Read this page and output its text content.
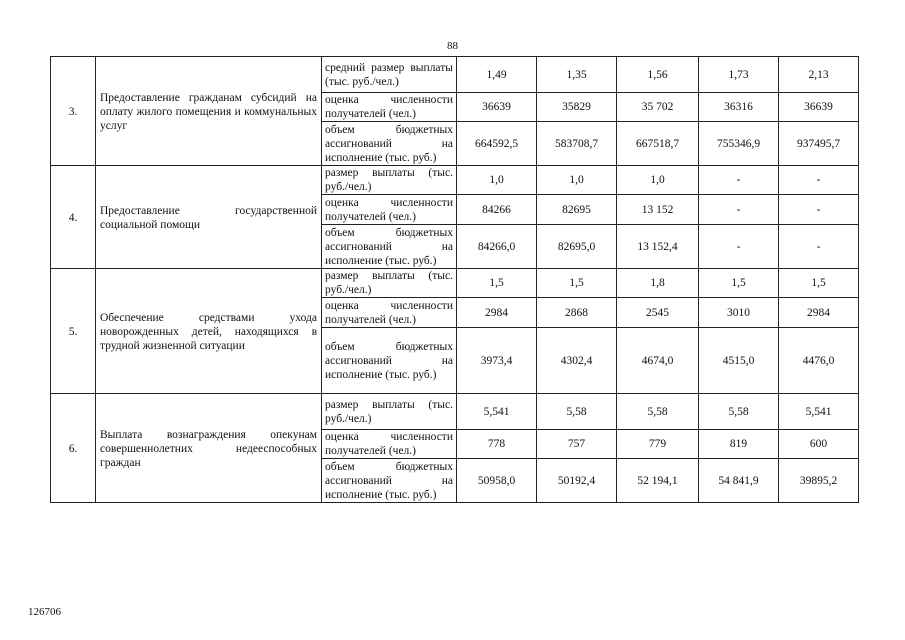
88
3.	Предоставление гражданам субсидий на оплату жилого помещения и коммунальных услуг	средний размер выплаты (тыс. руб./чел.)	1,49	1,35	1,56	1,73	2,13

		оценка численности получателей (чел.)	36639	35829	35 702	36316	36639

		объем бюджетных ассигнований на исполнение (тыс. руб.)	664592,5	583708,7	667518,7	755346,9	937495,7
4.	Предоставление государственной социальной помощи	размер выплаты (тыс. руб./чел.)	1,0	1,0	1,0	-	-

		оценка численности получателей (чел.)	84266	82695	13 152	-	-

		объем бюджетных ассигнований на исполнение (тыс. руб.)	84266,0	82695,0	13 152,4	-	-
5.	Обеспечение средствами ухода новорожденных детей, находящихся в трудной жизненной ситуации	размер выплаты (тыс. руб./чел.)	1,5	1,5	1,8	1,5	1,5

		оценка численности получателей (чел.)	2984	2868	2545	3010	2984

		объем бюджетных ассигнований на исполнение (тыс. руб.)	3973,4	4302,4	4674,0	4515,0	4476,0
6.	Выплата вознаграждения опекунам совершеннолетних недееспособных граждан	размер выплаты (тыс. руб./чел.)	5,541	5,58	5,58	5,58	5,541

		оценка численности получателей (чел.)	778	757	779	819	600

		объем бюджетных ассигнований на исполнение (тыс. руб.)	50958,0	50192,4	52 194,1	54 841,9	39895,2
126706
